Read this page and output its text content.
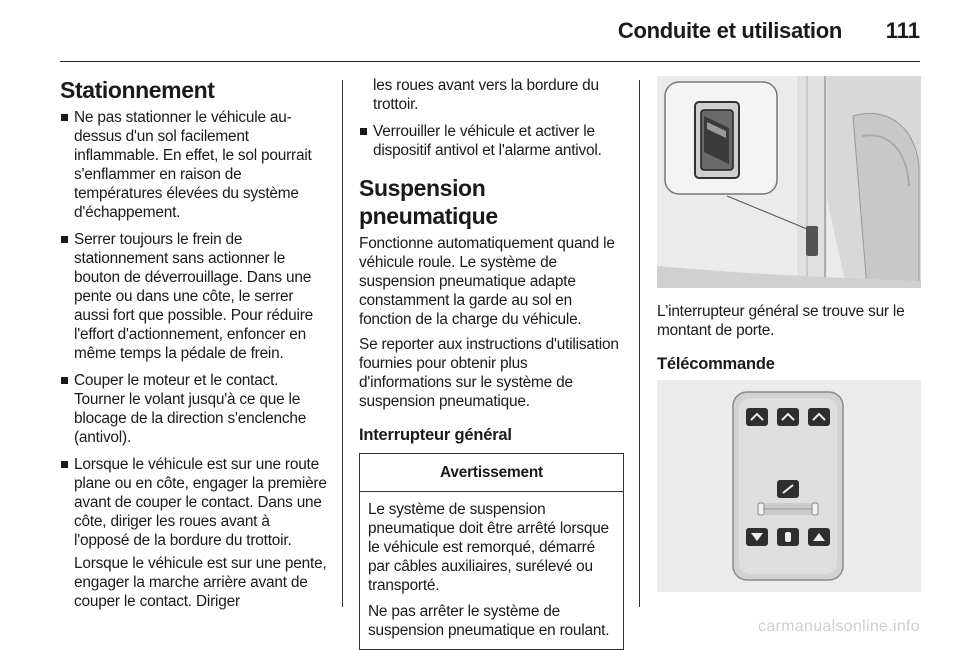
Conduite et utilisation 111
Stationnement
Ne pas stationner le véhicule au-dessus d'un sol facilement inflammable. En effet, le sol pourrait s'enflammer en raison de températures élevées du système d'échappement.
Serrer toujours le frein de stationnement sans actionner le bouton de déverrouillage. Dans une pente ou dans une côte, le serrer aussi fort que possible. Pour réduire l'effort d'actionnement, enfoncer en même temps la pédale de frein.
Couper le moteur et le contact. Tourner le volant jusqu'à ce que le blocage de la direction s'enclenche (antivol).
Lorsque le véhicule est sur une route plane ou en côte, engager la première avant de couper le contact. Dans une côte, diriger les roues avant à l'opposé de la bordure du trottoir.

Lorsque le véhicule est sur une pente, engager la marche arrière avant de couper le contact. Diriger

les roues avant vers la bordure du trottoir.

Verrouiller le véhicule et activer le dispositif antivol et l'alarme antivol.
Suspension pneumatique

Fonctionne automatiquement quand le véhicule roule. Le système de suspension pneumatique adapte constamment la garde au sol en fonction de la charge du véhicule.

Se reporter aux instructions d'utilisation fournies pour obtenir plus d'informations sur le système de suspension pneumatique.

Interrupteur général
Avertissement

Le système de suspension pneumatique doit être arrêté lorsque le véhicule est remorqué, démarré par câbles auxiliaires, surélevé ou transporté.

Ne pas arrêter le système de suspension pneumatique en roulant.

L'interrupteur général se trouve sur le montant de porte.

Télécommande
carmanualsonline.info
